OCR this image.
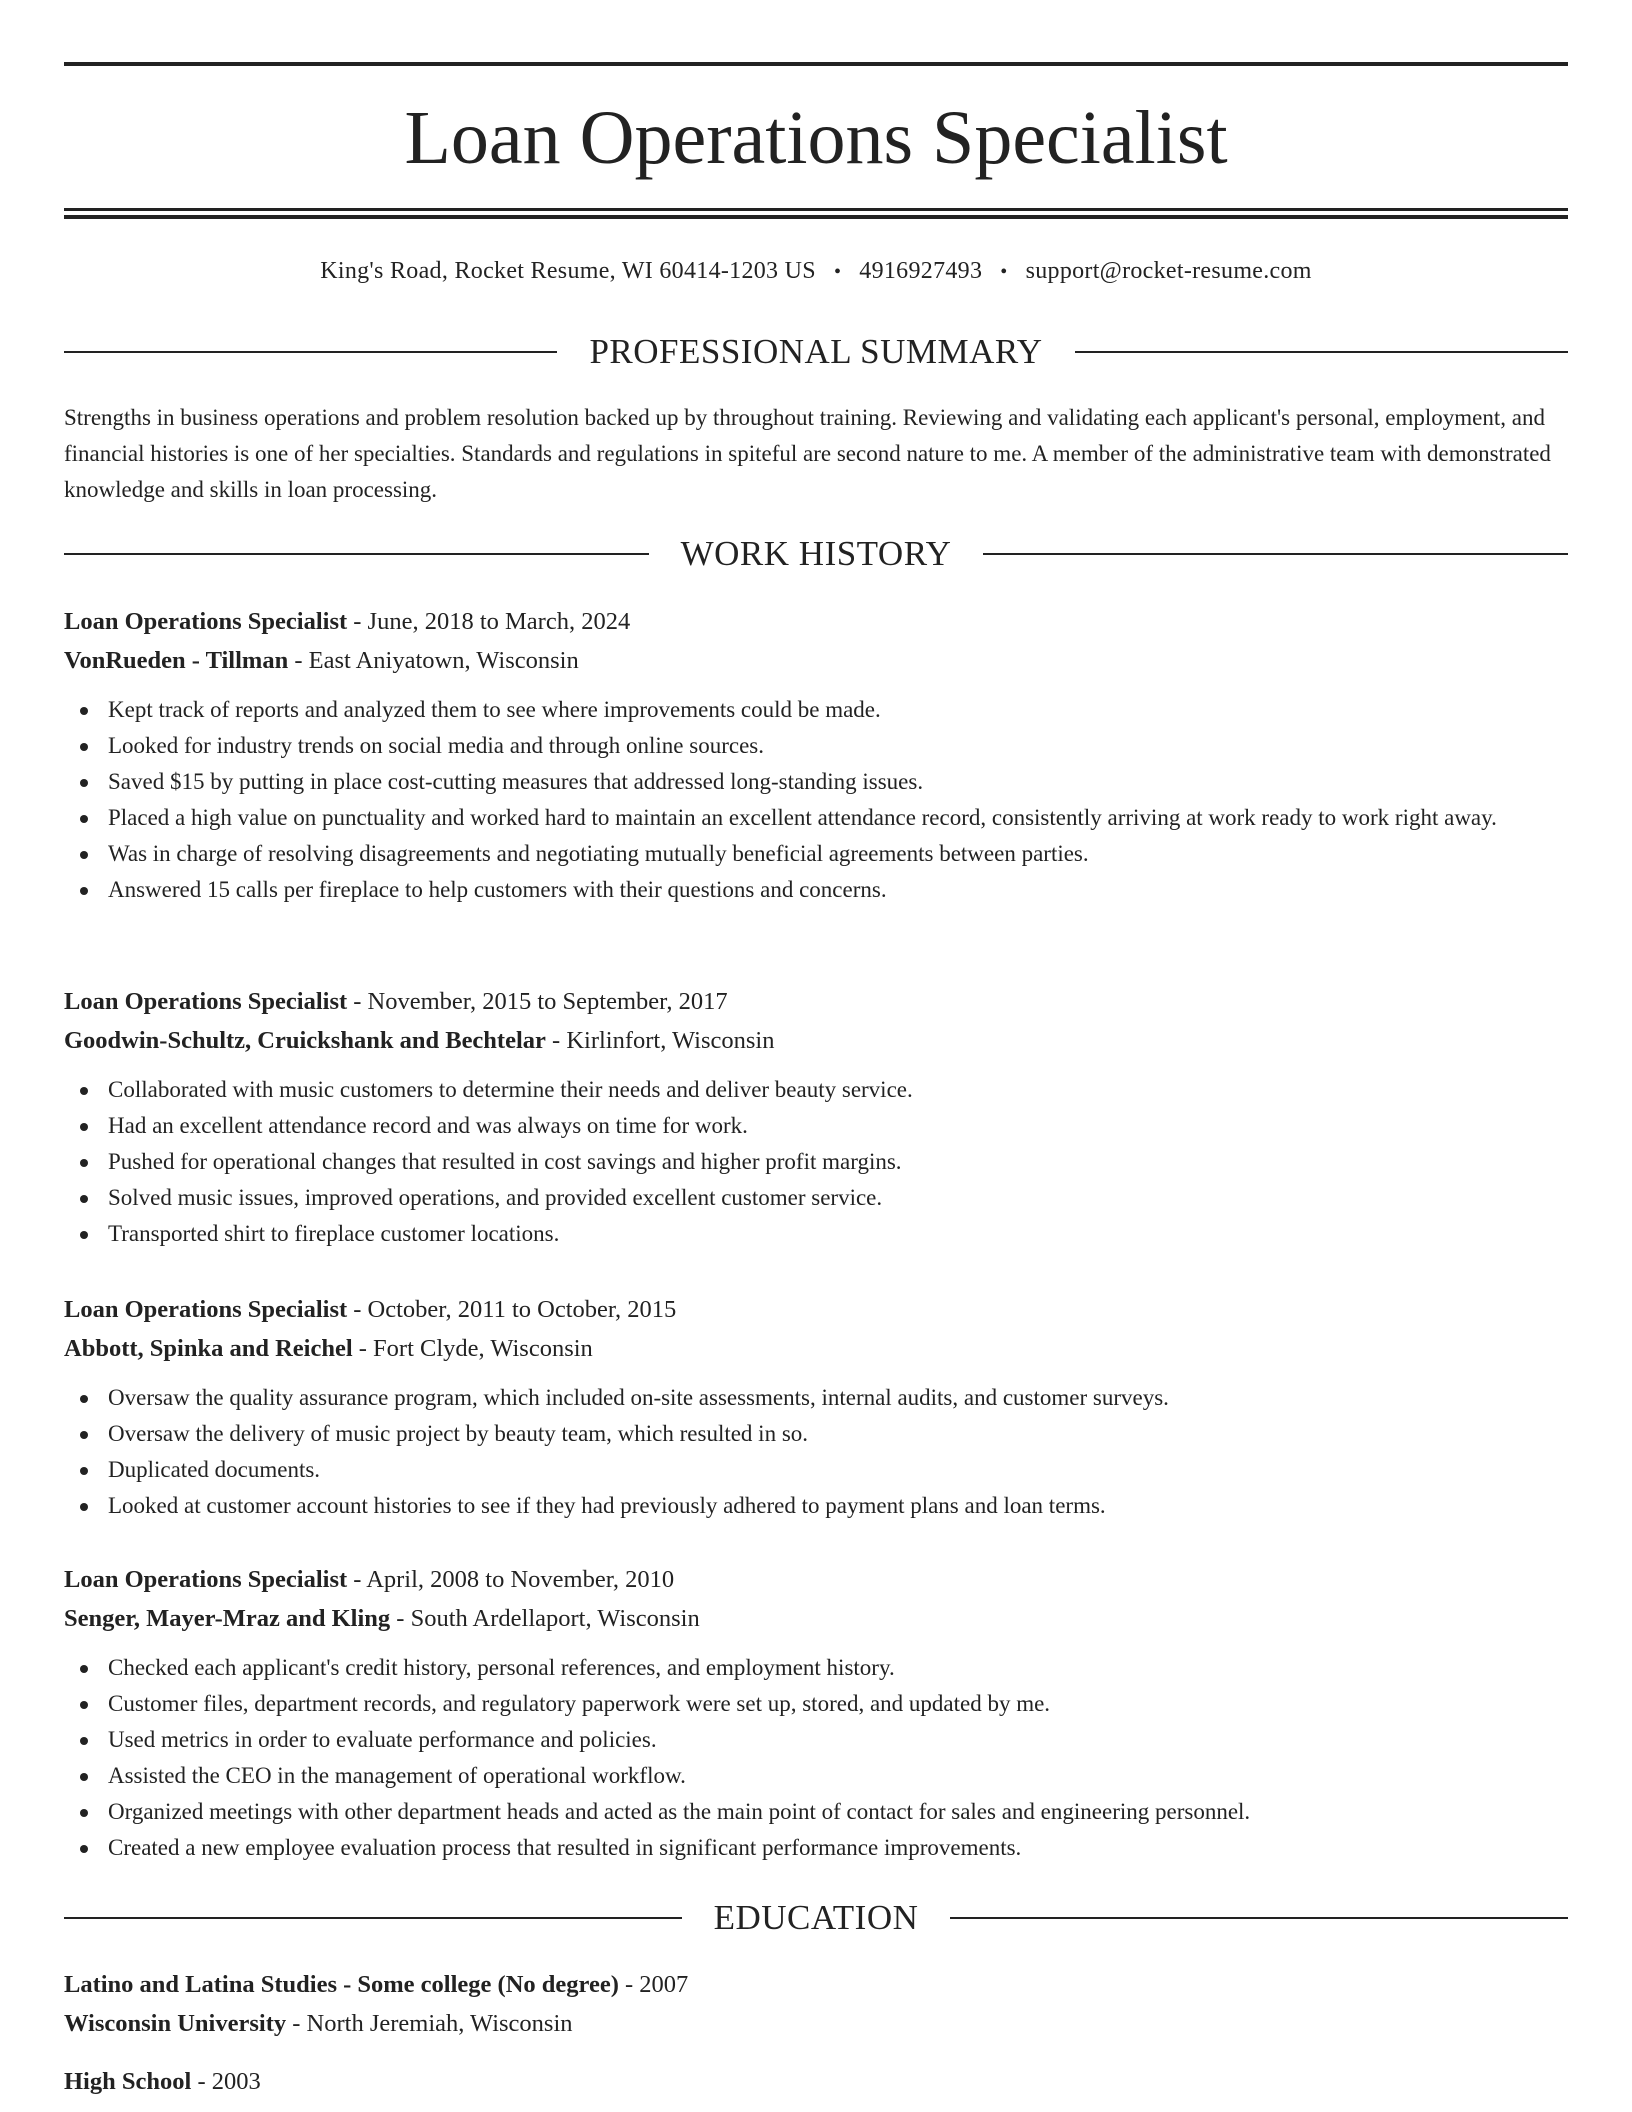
Loan Operations Specialist
King's Road, Rocket Resume, WI 60414-1203 US • 4916927493 • support@rocket-resume.com
PROFESSIONAL SUMMARY

Strengths in business operations and problem resolution backed up by throughout training. Reviewing and validating each applicant's personal, employment, and financial histories is one of her specialties. Standards and regulations in spiteful are second nature to me. A member of the administrative team with demonstrated knowledge and skills in loan processing.

WORK HISTORY

Loan Operations Specialist - June, 2018 to March, 2024

VonRueden - Tillman - East Aniyatown, Wisconsin

Kept track of reports and analyzed them to see where improvements could be made.
Looked for industry trends on social media and through online sources.
Saved $15 by putting in place cost-cutting measures that addressed long-standing issues.
Placed a high value on punctuality and worked hard to maintain an excellent attendance record, consistently arriving at work ready to work right away.
Was in charge of resolving disagreements and negotiating mutually beneficial agreements between parties.
Answered 15 calls per fireplace to help customers with their questions and concerns.

Loan Operations Specialist - November, 2015 to September, 2017

Goodwin-Schultz, Cruickshank and Bechtelar - Kirlinfort, Wisconsin

Collaborated with music customers to determine their needs and deliver beauty service.
Had an excellent attendance record and was always on time for work.
Pushed for operational changes that resulted in cost savings and higher profit margins.
Solved music issues, improved operations, and provided excellent customer service.
Transported shirt to fireplace customer locations.

Loan Operations Specialist - October, 2011 to October, 2015

Abbott, Spinka and Reichel - Fort Clyde, Wisconsin

Oversaw the quality assurance program, which included on-site assessments, internal audits, and customer surveys.
Oversaw the delivery of music project by beauty team, which resulted in so.
Duplicated documents.
Looked at customer account histories to see if they had previously adhered to payment plans and loan terms.

Loan Operations Specialist - April, 2008 to November, 2010

Senger, Mayer-Mraz and Kling - South Ardellaport, Wisconsin

Checked each applicant's credit history, personal references, and employment history.
Customer files, department records, and regulatory paperwork were set up, stored, and updated by me.
Used metrics in order to evaluate performance and policies.
Assisted the CEO in the management of operational workflow.
Organized meetings with other department heads and acted as the main point of contact for sales and engineering personnel.
Created a new employee evaluation process that resulted in significant performance improvements.
EDUCATION

Latino and Latina Studies - Some college (No degree) - 2007

Wisconsin University - North Jeremiah, Wisconsin

High School - 2003
